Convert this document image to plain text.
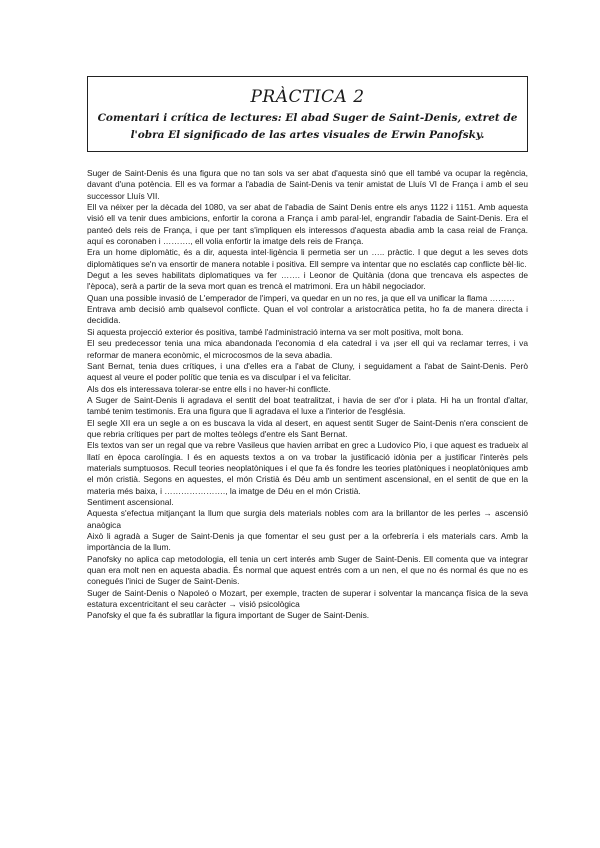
PRÀCTICA 2
Comentari i crítica de lectures: El abad Suger de Saint-Denis, extret de l'obra El significado de las artes visuales de Erwin Panofsky.

Suger de Saint-Denis és una figura que no tan sols va ser abat d'aquesta sinó que ell també va ocupar la regència, davant d'una potència. Ell es va formar a l'abadia de Saint-Denis va tenir amistat de Lluís VI de França i amb el seu successor Lluís VII.

Ell va néixer per la dècada del 1080, va ser abat de l'abadia de Saint Denis entre els anys 1122 i 1151. Amb aquesta visió ell va tenir dues ambicions, enfortir la corona a França i amb paral·lel, engrandir l'abadia de Saint-Denis. Era el panteó dels reis de França, i que per tant s'impliquen els interessos d'aquesta abadia amb la casa reial de França. aquí es coronaben i ………., ell volia enfortir la imatge dels reis de França.

Era un home diplomàtic, és a dir, aquesta intel·ligència li permetia ser un ….. pràctic. I que degut a les seves dots diplomàtiques se'n va ensortir de manera notable i positiva. Ell sempre va intentar que no esclatés cap conflicte bèl·lic.

Degut a les seves habilitats diplomatiques va fer ……. i Leonor de Quitània (dona que trencava els aspectes de l'època), serà a partir de la seva mort quan es trencà el matrimoni. Era un hàbil negociador.

Quan una possible invasió de L'emperador de l'imperi, va quedar en un no res, ja que ell va unificar la flama ………

Entrava amb decisió amb qualsevol conflicte. Quan el vol controlar a aristocràtica petita, ho fa de manera directa i decidida.

Si aquesta projecció exterior és positiva, també l'administració interna va ser molt positiva, molt bona.

El seu predecessor tenia una mica abandonada l'economia d ela catedral i va ¡ser ell qui va reclamar terres, i va reformar de manera econòmic, el microcosmos de la seva abadia.

Sant Bernat, tenia dues crítiques, i una d'elles era a l'abat de Cluny, i seguidament a l'abat de Saint-Denis. Però aquest al veure el poder polític que tenia es va disculpar i el va felicitar.

Als dos els interessava tolerar-se entre ells i no haver-hi conflicte.

A Suger de Saint-Denis li agradava el sentit del boat teatralitzat, i havia de ser d'or i plata. Hi ha un frontal d'altar, també tenim testimonis. Era una figura que li agradava el luxe a l'interior de l'església.

El segle XII era un segle a on es buscava la vida al desert, en aquest sentit Suger de Saint-Denis n'era conscient de que rebria crítiques per part de moltes teòlegs d'entre els Sant Bernat.

Els textos van ser un regal que va rebre Vasileus que havien arribat en grec a Ludovico Pio, i que aquest es tradueix al llatí en època carolíngia. I és en aquests textos a on va trobar la justificació idònia per a justificar l'interès pels materials sumptuosos. Recull teories neoplatòniques i el que fa és fondre les teories platòniques i neoplatòniques amb el món cristià. Segons en aquestes, el món Cristià és Déu amb un sentiment ascensional, en el sentit de que en la materia més baixa, i …………………., la imatge de Déu en el món Cristià.

Sentiment ascensional.

Aquesta s'efectua mitjançant la llum que surgia dels materials nobles com ara la brillantor de les perles → ascensió anaògica

Això li agradà a Suger de Saint-Denis ja que fomentar el seu gust per a la orfebrería i els materials cars. Amb la importància de la llum.

Panofsky no aplica cap metodologia, ell tenia un cert interés amb Suger de Saint-Denis. Ell comenta que va integrar quan era molt nen en aquesta abadia. És normal que aquest entrés com a un nen, el que no és normal és que no es conegués l'inici de Suger de Saint-Denis.

Suger de Saint-Denis o Napoleó o Mozart, per exemple, tracten de superar i solventar la mancança física de la seva estatura excentricitant el seu caràcter → visió psicològica

Panofsky el que fa és subratllar la figura important de Suger de Saint-Denis.
